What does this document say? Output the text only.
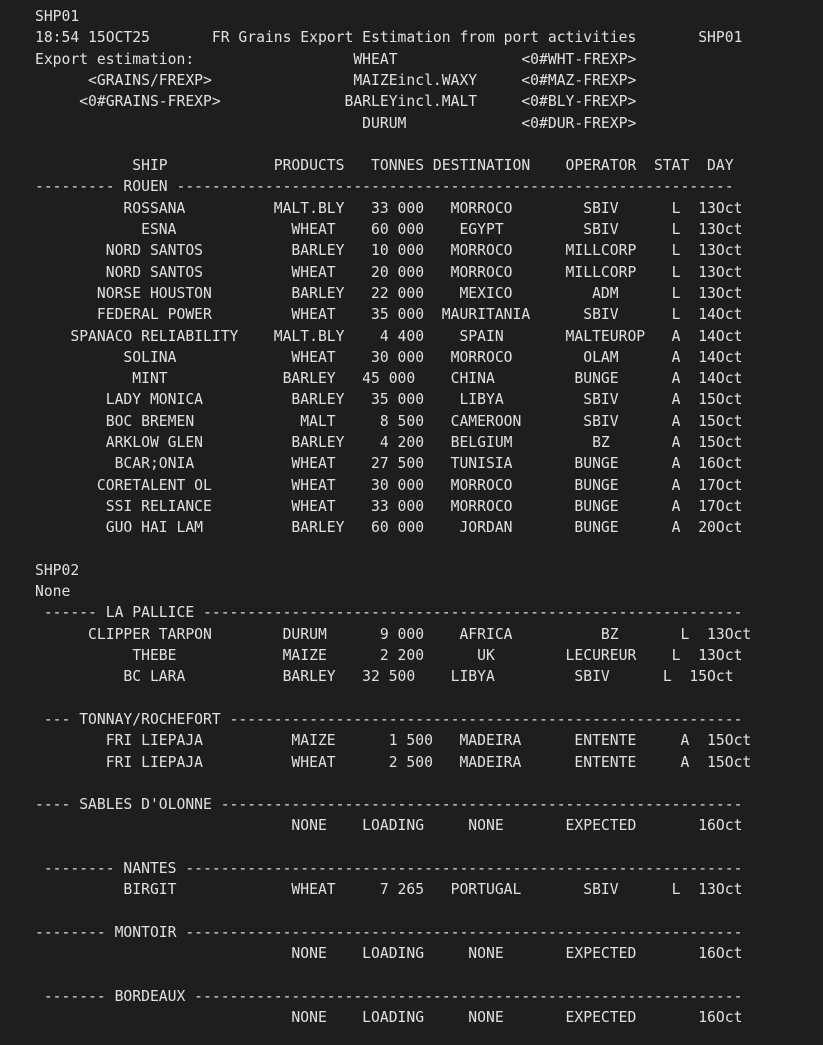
SHP01
18:54 15OCT25       FR Grains Export Estimation from port activities       SHP01
Export estimation:                  WHEAT              <0#WHT-FREXP>
<GRAINS/FREXP>                MAIZEincl.WAXY     <0#MAZ-FREXP>
<0#GRAINS-FREXP>              BARLEYincl.MALT     <0#BLY-FREXP>
DURUM             <0#DUR-FREXP>
SHIP            PRODUCTS   TONNES DESTINATION    OPERATOR  STAT  DAY
--------- ROUEN ---------------------------------------------------------------
ROSSANA          MALT.BLY   33 000   MORROCO        SBIV      L  13Oct
ESNA             WHEAT    60 000    EGYPT         SBIV      L  13Oct
NORD SANTOS          BARLEY   10 000   MORROCO      MILLCORP    L  13Oct
NORD SANTOS          WHEAT    20 000   MORROCO      MILLCORP    L  13Oct
NORSE HOUSTON         BARLEY   22 000    MEXICO         ADM      L  13Oct
FEDERAL POWER         WHEAT    35 000  MAURITANIA      SBIV      L  14Oct
SPANACO RELIABILITY    MALT.BLY    4 400    SPAIN       MALTEUROP   A  14Oct
SOLINA             WHEAT    30 000   MORROCO        OLAM      A  14Oct
MINT             BARLEY   45 000    CHINA         BUNGE      A  14Oct
LADY MONICA          BARLEY   35 000    LIBYA         SBIV      A  15Oct
BOC BREMEN            MALT     8 500   CAMEROON       SBIV      A  15Oct
ARKLOW GLEN          BARLEY    4 200   BELGIUM         BZ       A  15Oct
BCAR;ONIA           WHEAT    27 500   TUNISIA       BUNGE      A  16Oct
CORETALENT OL         WHEAT    30 000   MORROCO       BUNGE      A  17Oct
SSI RELIANCE         WHEAT    33 000   MORROCO       BUNGE      A  17Oct
GUO HAI LAM          BARLEY   60 000    JORDAN       BUNGE      A  20Oct
SHP02
None
------ LA PALLICE -------------------------------------------------------------
CLIPPER TARPON        DURUM      9 000    AFRICA          BZ       L  13Oct
THEBE            MAIZE      2 200      UK        LECUREUR    L  13Oct
BC LARA           BARLEY   32 500    LIBYA         SBIV      L  15Oct
--- TONNAY/ROCHEFORT ----------------------------------------------------------
FRI LIEPAJA          MAIZE      1 500   MADEIRA      ENTENTE     A  15Oct
FRI LIEPAJA          WHEAT      2 500   MADEIRA      ENTENTE     A  15Oct
---- SABLES D'OLONNE -----------------------------------------------------------
NONE    LOADING     NONE       EXPECTED       16Oct
-------- NANTES ---------------------------------------------------------------
BIRGIT             WHEAT     7 265   PORTUGAL       SBIV      L  13Oct
-------- MONTOIR ---------------------------------------------------------------
NONE    LOADING     NONE       EXPECTED       16Oct
------- BORDEAUX --------------------------------------------------------------
NONE    LOADING     NONE       EXPECTED       16Oct
